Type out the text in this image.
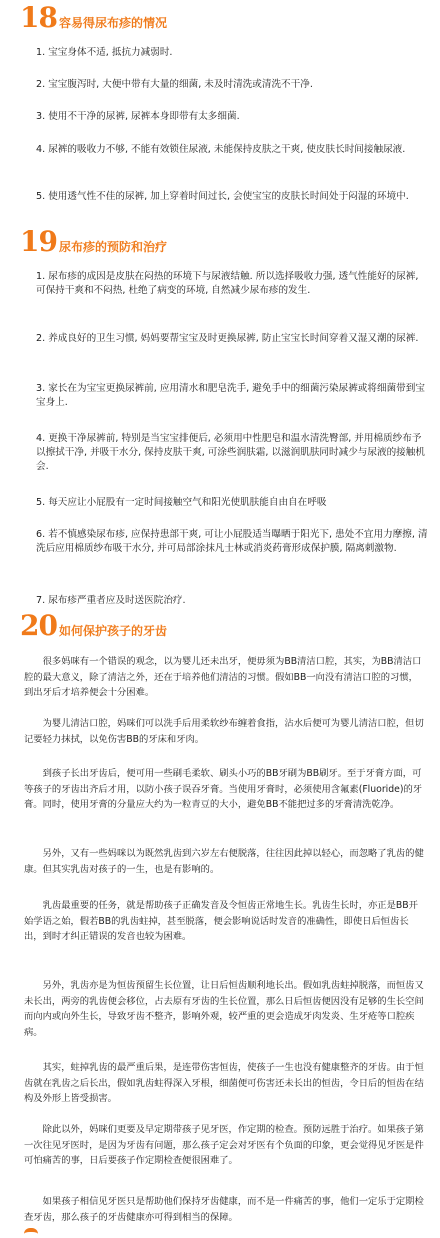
18 容易得尿布疹的情况

1. 宝宝身体不适, 抵抗力减弱时.

2. 宝宝腹泻时, 大便中带有大量的细菌, 未及时清洗或清洗不干净.

3. 使用不干净的尿裤, 尿裤本身即带有太多细菌.

4. 尿裤的吸收力不够, 不能有效锁住尿液, 未能保持皮肤之干爽, 使皮肤长时间接触尿液.

5. 使用透气性不佳的尿裤, 加上穿着时间过长, 会使宝宝的皮肤长时间处于闷湿的环境中.

19 尿布疹的预防和治疗

1. 尿布疹的成因是皮肤在闷热的环境下与尿液结触. 所以选择吸收力强, 透气性能好的尿裤, 可保持干爽和不闷热, 杜绝了病变的环境, 自然减少尿布疹的发生.

2. 养成良好的卫生习惯, 妈妈要帮宝宝及时更换尿裤, 防止宝宝长时间穿着又湿又潮的尿裤.

3. 家长在为宝宝更换尿裤前, 应用清水和肥皂洗手, 避免手中的细菌污染尿裤或将细菌带到宝宝身上.

4. 更换干净尿裤前, 特别是当宝宝排便后, 必须用中性肥皂和温水清洗臀部, 并用棉质纱布予以擦拭干净, 并吸干水分, 保持皮肤干爽, 可涂些润肤霜, 以滋润肌肤同时减少与尿液的接触机会.

5. 每天应让小屁股有一定时间接触空气和阳光使肌肤能自由自在呼吸

6. 若不慎感染尿布疹, 应保持患部干爽, 可让小屁股适当曝晒于阳光下, 患处不宜用力摩擦, 清洗后应用棉质纱布吸干水分, 并可局部涂抹凡士林或消炎药膏形成保护膜, 隔离刺激物.

7. 尿布疹严重者应及时送医院治疗.

20 如何保护孩子的牙齿

很多妈咪有一个错误的观念，以为婴儿还未出牙，便毋须为BB清洁口腔，其实，为BB清洁口腔的最大意义，除了清洁之外，还在于培养他们清洁的习惯。假如BB一向没有清洁口腔的习惯，到出牙后才培养便会十分困难。

为婴儿清洁口腔，妈咪们可以洗手后用柔软纱布缠着食指，沾水后便可为婴儿清洁口腔，但切记要轻力抹拭，以免伤害BB的牙床和牙肉。

到孩子长出牙齿后，便可用一些刷毛柔软、刷头小巧的BB牙刷为BB刷牙。至于牙膏方面，可等孩子的牙齿出齐后才用，以防小孩子误吞牙膏。当使用牙膏时，必须使用含氟素(Fluoride)的牙膏。同时，使用牙膏的分量应大约为一粒青豆的大小，避免BB不能把过多的牙膏清洗乾净。

另外，又有一些妈咪以为既然乳齿到六岁左右便脱落，往往因此掉以轻心，而忽略了乳齿的健康。但其实乳齿对孩子的一生，也是有影响的。

乳齿最重要的任务，就是帮助孩子正确发音及令恒齿正常地生长。乳齿生长时，亦正是BB开始学语之始，假若BB的乳齿蛀掉，甚至脱落，便会影响说话时发音的准确性，即使日后恒齿长出，到时才纠正错误的发音也较为困难。

另外，乳齿亦是为恒齿预留生长位置，让日后恒齿顺利地长出。假如乳齿蛀掉脱落，而恒齿又未长出，两旁的乳齿便会移位，占去原有牙齿的生长位置，那么日后恒齿便因没有足够的生长空间而向内或向外生长，导致牙齿不整齐，影响外观，较严重的更会造成牙肉发炎、生牙疮等口腔疾病。

其实，蛀掉乳齿的最严重后果，是连带伤害恒齿，使孩子一生也没有健康整齐的牙齿。由于恒齿就在乳齿之后长出，假如乳齿蛀得深入牙根，细菌便可伤害还未长出的恒齿，令日后的恒齿在结构及外形上皆受损害。

除此以外，妈咪们更要及早定期带孩子见牙医，作定期的检查。预防远胜于治疗。如果孩子第一次往见牙医时，是因为牙齿有问题，那么孩子定会对牙医有个负面的印象，更会觉得见牙医是件可怕痛苦的事，日后要孩子作定期检查便很困难了。

如果孩子相信见牙医只是帮助他们保持牙齿健康，而不是一件痛苦的事，他们一定乐于定期检查牙齿，那么孩子的牙齿健康亦可得到相当的保障。
